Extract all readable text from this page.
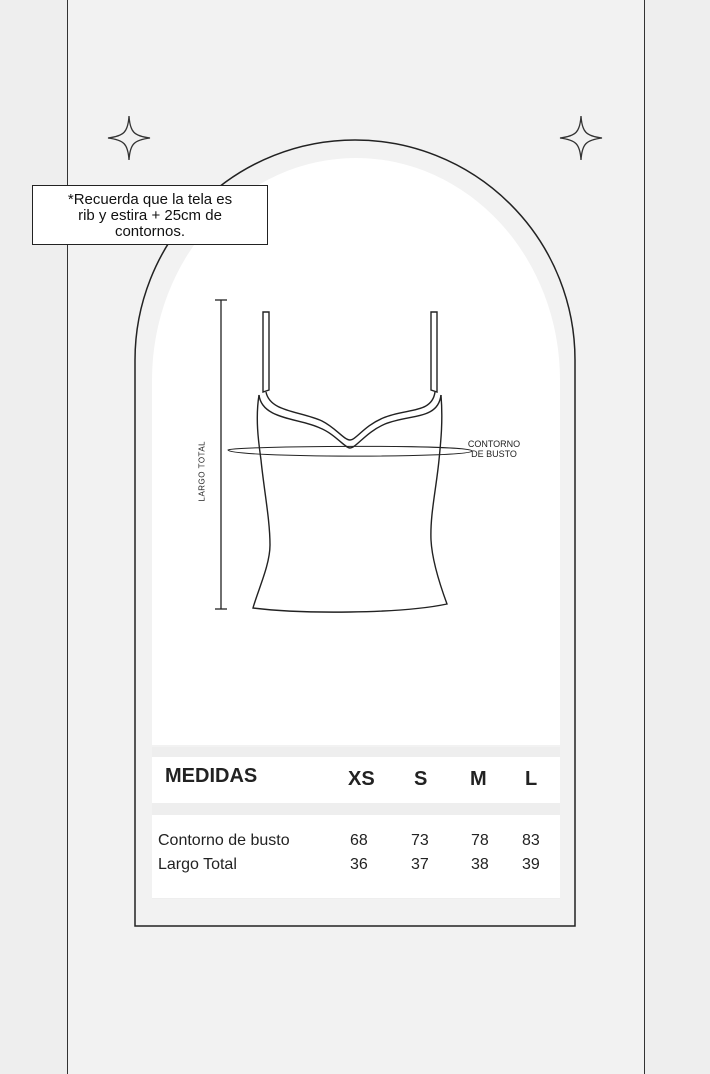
*Recuerda que la tela es
rib y estira + 25cm de
contornos.
LARGO TOTAL	CONTORNO
DE BUSTO
MEDIDAS	XS S M L
Contorno de busto	68	73	78 83
Largo Total	36	37	38 39
